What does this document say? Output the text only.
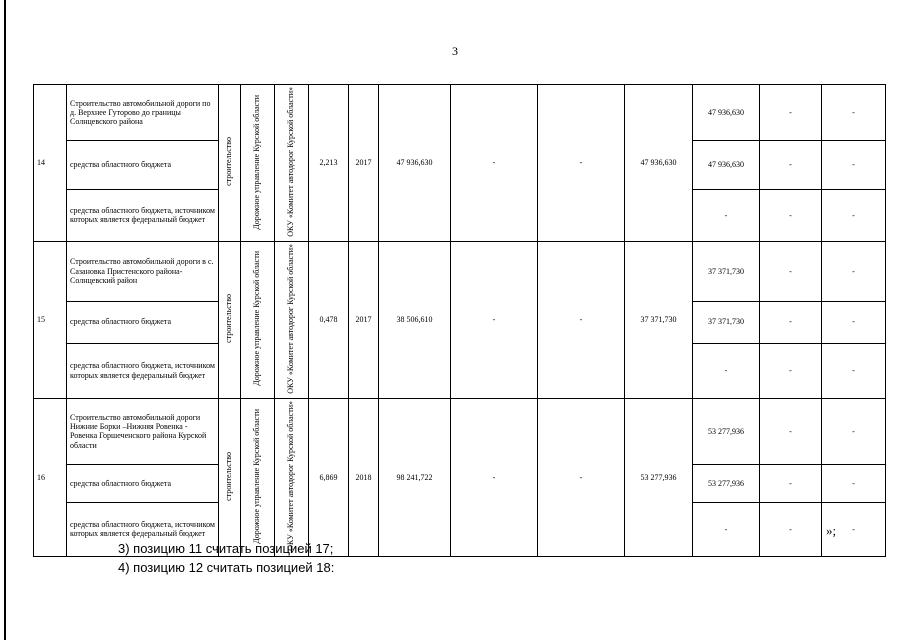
3
14	Строительство автомобильной дороги по д. Верхнее Гуторово до границы Солнцевского района	строительство	Дорожное управление Курской области	ОКУ «Комитет автодорог Курской области»	2,213	2017	47 936,630	-	-	47 936,630	47 936,630	-	-	
	средства областного бюджета										47 936,630	-	-	
	средства областного бюджета, источником которых является федеральный бюджет										-	-	-	
15	Строительство автомобильной дороги в с. Сазановка Пристенского района-Солнцевский район	строительство	Дорожное управление Курской области	ОКУ «Комитет автодорог Курской области»	0,478	2017	38 506,610	-	-	37 371,730	37 371,730	-	-	
	средства областного бюджета										37 371,730	-	-	
	средства областного бюджета, источником которых является федеральный бюджет										-	-	-	
16	Строительство автомобильной дороги Нижние Борки –Нижняя Ровенка - Ровенка Горшеченского района Курской области	строительство	Дорожное управление Курской области	ОКУ «Комитет автодорог Курской области»	6,869	2018	98 241,722	-	-	53 277,936	53 277,936	-	-	
	средства областного бюджета										53 277,936	-	-	
	средства областного бюджета, источником которых является федеральный бюджет										-	-	-	
»;
3) позицию 11 считать позицией 17;
4) позицию 12 считать позицией 18:
